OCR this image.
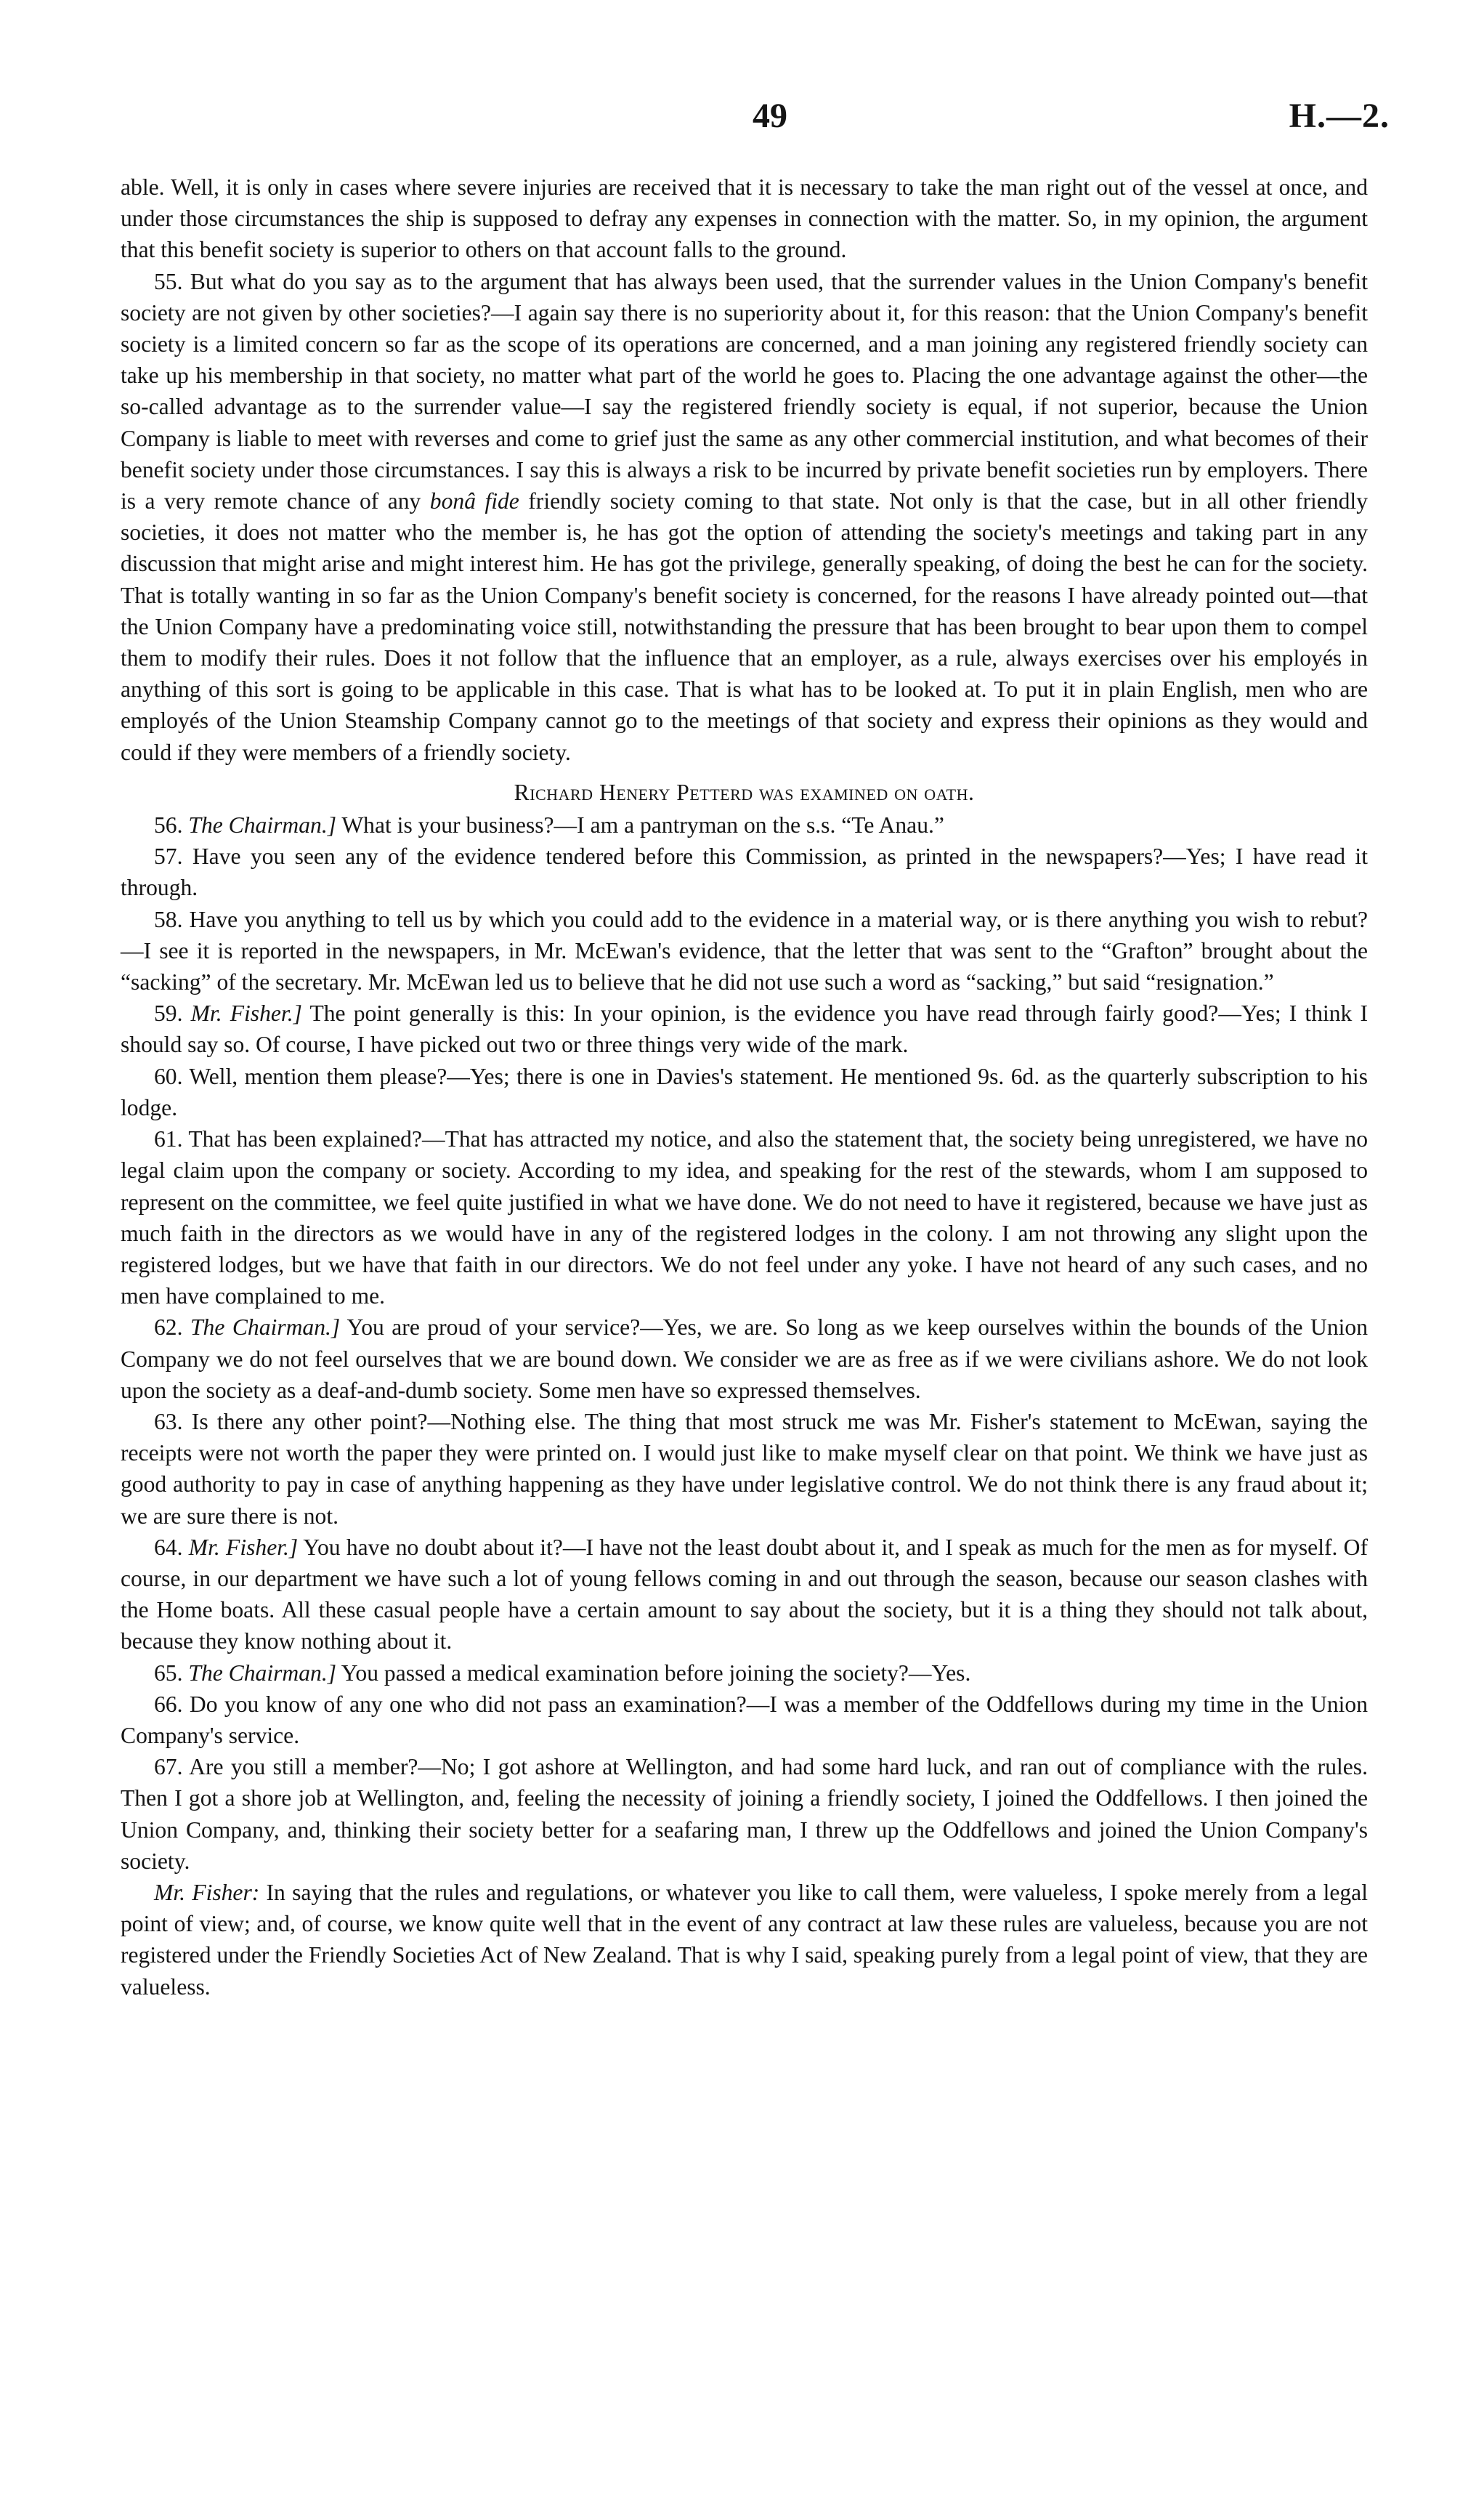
49	H.—2.

able. Well, it is only in cases where severe injuries are received that it is necessary to take the man right out of the vessel at once, and under those circumstances the ship is supposed to defray any expenses in connection with the matter. So, in my opinion, the argument that this benefit society is superior to others on that account falls to the ground.

55. But what do you say as to the argument that has always been used, that the surrender values in the Union Company's benefit society are not given by other societies?—I again say there is no superiority about it, for this reason: that the Union Company's benefit society is a limited concern so far as the scope of its operations are concerned, and a man joining any registered friendly society can take up his membership in that society, no matter what part of the world he goes to. Placing the one advantage against the other—the so-called advantage as to the surrender value—I say the registered friendly society is equal, if not superior, because the Union Company is liable to meet with reverses and come to grief just the same as any other commercial institution, and what becomes of their benefit society under those circumstances. I say this is always a risk to be incurred by private benefit societies run by employers. There is a very remote chance of any bonâ fide friendly society coming to that state. Not only is that the case, but in all other friendly societies, it does not matter who the member is, he has got the option of attending the society's meetings and taking part in any discussion that might arise and might interest him. He has got the privilege, generally speaking, of doing the best he can for the society. That is totally wanting in so far as the Union Company's benefit society is concerned, for the reasons I have already pointed out—that the Union Company have a predominating voice still, notwithstanding the pressure that has been brought to bear upon them to compel them to modify their rules. Does it not follow that the influence that an employer, as a rule, always exercises over his employés in anything of this sort is going to be applicable in this case. That is what has to be looked at. To put it in plain English, men who are employés of the Union Steamship Company cannot go to the meetings of that society and express their opinions as they would and could if they were members of a friendly society.

Richard Henery Petterd was examined on oath.

56. The Chairman.] What is your business?—I am a pantryman on the s.s. “Te Anau.”

57. Have you seen any of the evidence tendered before this Commission, as printed in the newspapers?—Yes; I have read it through.

58. Have you anything to tell us by which you could add to the evidence in a material way, or is there anything you wish to rebut?—I see it is reported in the newspapers, in Mr. McEwan's evidence, that the letter that was sent to the “Grafton” brought about the “sacking” of the secretary. Mr. McEwan led us to believe that he did not use such a word as “sacking,” but said “resignation.”

59. Mr. Fisher.] The point generally is this: In your opinion, is the evidence you have read through fairly good?—Yes; I think I should say so. Of course, I have picked out two or three things very wide of the mark.

60. Well, mention them please?—Yes; there is one in Davies's statement. He mentioned 9s. 6d. as the quarterly subscription to his lodge.

61. That has been explained?—That has attracted my notice, and also the statement that, the society being unregistered, we have no legal claim upon the company or society. According to my idea, and speaking for the rest of the stewards, whom I am supposed to represent on the committee, we feel quite justified in what we have done. We do not need to have it registered, because we have just as much faith in the directors as we would have in any of the registered lodges in the colony. I am not throwing any slight upon the registered lodges, but we have that faith in our directors. We do not feel under any yoke. I have not heard of any such cases, and no men have complained to me.

62. The Chairman.] You are proud of your service?—Yes, we are. So long as we keep ourselves within the bounds of the Union Company we do not feel ourselves that we are bound down. We consider we are as free as if we were civilians ashore. We do not look upon the society as a deaf-and-dumb society. Some men have so expressed themselves.

63. Is there any other point?—Nothing else. The thing that most struck me was Mr. Fisher's statement to McEwan, saying the receipts were not worth the paper they were printed on. I would just like to make myself clear on that point. We think we have just as good authority to pay in case of anything happening as they have under legislative control. We do not think there is any fraud about it; we are sure there is not.

64. Mr. Fisher.] You have no doubt about it?—I have not the least doubt about it, and I speak as much for the men as for myself. Of course, in our department we have such a lot of young fellows coming in and out through the season, because our season clashes with the Home boats. All these casual people have a certain amount to say about the society, but it is a thing they should not talk about, because they know nothing about it.

65. The Chairman.] You passed a medical examination before joining the society?—Yes.

66. Do you know of any one who did not pass an examination?—I was a member of the Oddfellows during my time in the Union Company's service.

67. Are you still a member?—No; I got ashore at Wellington, and had some hard luck, and ran out of compliance with the rules. Then I got a shore job at Wellington, and, feeling the necessity of joining a friendly society, I joined the Oddfellows. I then joined the Union Company, and, thinking their society better for a seafaring man, I threw up the Oddfellows and joined the Union Company's society.

Mr. Fisher: In saying that the rules and regulations, or whatever you like to call them, were valueless, I spoke merely from a legal point of view; and, of course, we know quite well that in the event of any contract at law these rules are valueless, because you are not registered under the Friendly Societies Act of New Zealand. That is why I said, speaking purely from a legal point of view, that they are valueless.
